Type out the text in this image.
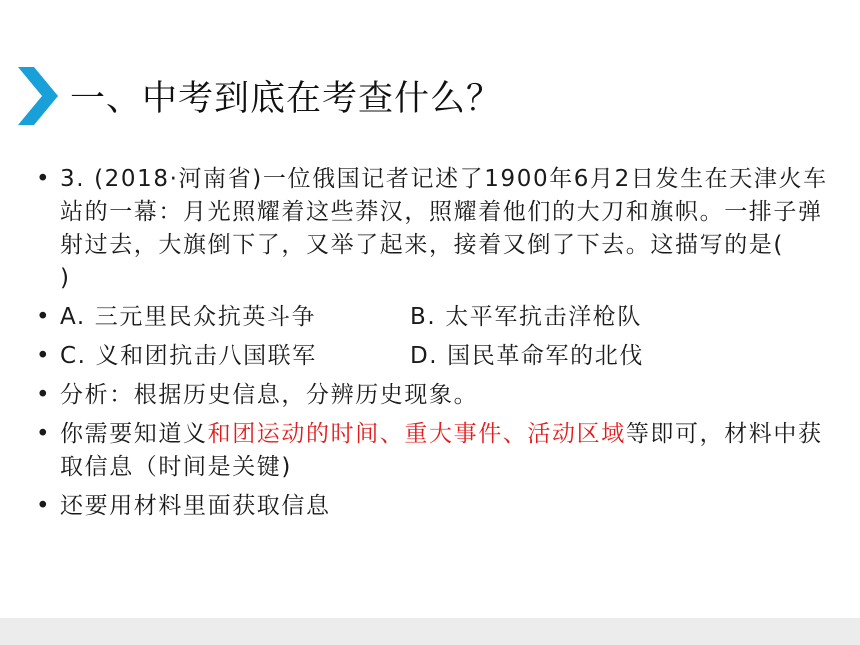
一、中考到底在考查什么？
• 3. (2018·河南省)一位俄国记者记述了1900年6月2日发生在天津火车站的一幕：月光照耀着这些莽汉，照耀着他们的大刀和旗帜。一排子弹射过去，大旗倒下了，又举了起来，接着又倒了下去。这描写的是()
• A. 三元里民众抗英斗争	B. 太平军抗击洋枪队
• C. 义和团抗击八国联军	D. 国民革命军的北伐
• 分析：根据历史信息，分辨历史现象。
• 你需要知道义和团运动的时间、重大事件、活动区域等即可，材料中获取信息（时间是关键)
• 还要用材料里面获取信息
